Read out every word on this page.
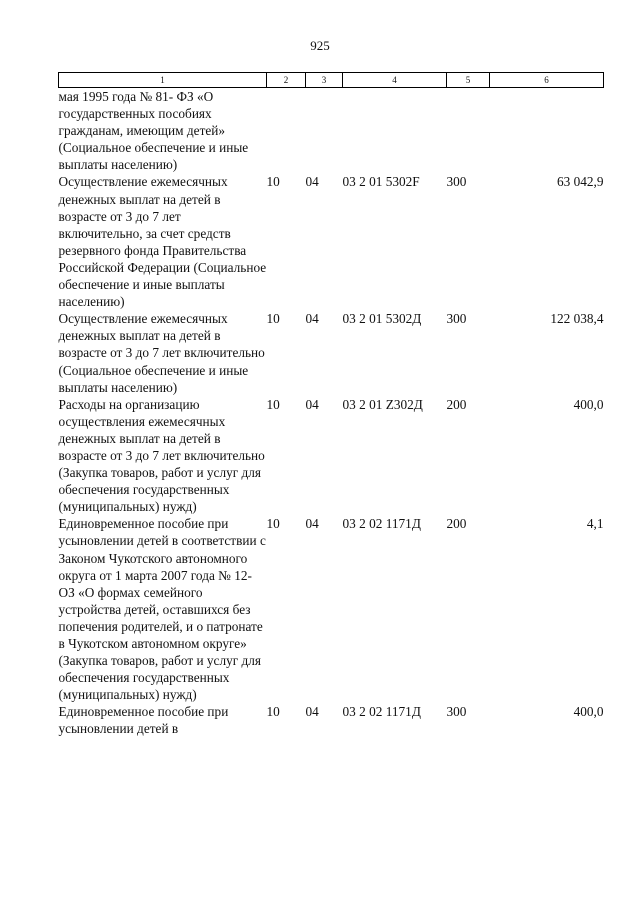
925
1	2	3	4	5	6
мая 1995 года № 81- ФЗ «О государственных пособиях гражданам, имеющим детей» (Социальное обеспечение и иные выплаты населению)					
Осуществление ежемесячных денежных выплат на детей в возрасте от 3 до 7 лет включительно, за счет средств резервного фонда Правительства Российской Федерации (Социальное обеспечение и иные выплаты населению)	10	04	03 2 01 5302F	300	63 042,9
Осуществление ежемесячных денежных выплат на детей в возрасте от 3 до 7 лет включительно (Социальное обеспечение и иные выплаты населению)	10	04	03 2 01 5302Д	300	122 038,4
Расходы на организацию осуществления ежемесячных денежных выплат на детей в возрасте от 3 до 7 лет включительно (Закупка товаров, работ и услуг для обеспечения государственных (муниципальных) нужд)	10	04	03 2 01 Z302Д	200	400,0
Единовременное пособие при усыновлении детей в соответствии с Законом Чукотского автономного округа от 1 марта 2007 года № 12-ОЗ «О формах семейного устройства детей, оставшихся без попечения родителей, и о патронате в Чукотском автономном округе» (Закупка товаров, работ и услуг для обеспечения государственных (муниципальных) нужд)	10	04	03 2 02 1171Д	200	4,1
Единовременное пособие при усыновлении детей в	10	04	03 2 02 1171Д	300	400,0
